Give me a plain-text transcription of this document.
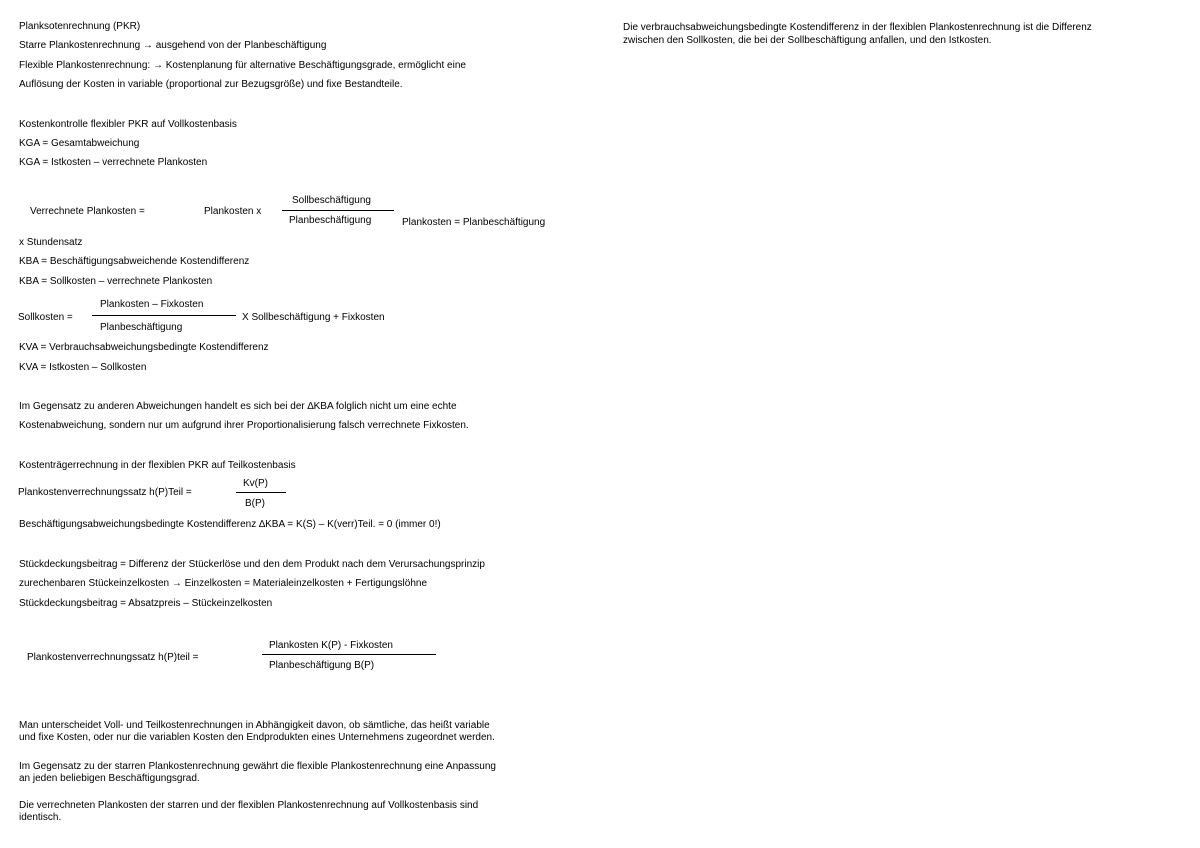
Planksotenrechnung (PKR)
Starre Plankostenrechnung → ausgehend von der Planbeschäftigung
Flexible Plankostenrechnung: → Kostenplanung für alternative Beschäftigungsgrade, ermöglicht eine
Auflösung der Kosten in variable (proportional zur Bezugsgröße) und fixe Bestandteile.
Kostenkontrolle flexibler PKR auf Vollkostenbasis
KGA = Gesamtabweichung
KGA = Istkosten – verrechnete Plankosten
Verrechnete Plankosten =	Plankosten x
Sollbeschäftigung
Planbeschäftigung	Plankosten = Planbeschäftigung
x Stundensatz
KBA = Beschäftigungsabweichende Kostendifferenz
KBA = Sollkosten – verrechnete Plankosten
Sollkosten =
Plankosten – Fixkosten
Planbeschäftigung
X Sollbeschäftigung + Fixkosten
KVA = Verbrauchsabweichungsbedingte Kostendifferenz
KVA = Istkosten – Sollkosten
Im Gegensatz zu anderen Abweichungen handelt es sich bei der ∆KBA folglich nicht um eine echte
Kostenabweichung, sondern nur um aufgrund ihrer Proportionalisierung falsch verrechnete Fixkosten.
Kostenträgerrechnung in der flexiblen PKR auf Teilkostenbasis
Plankostenverrechnungssatz h(P)Teil =
Kv(P)
B(P)
Beschäftigungsabweichungsbedingte Kostendifferenz ∆KBA = K(S) – K(verr)Teil. = 0 (immer 0!)
Stückdeckungsbeitrag = Differenz der Stückerlöse und den dem Produkt nach dem Verursachungsprinzip
zurechenbaren Stückeinzelkosten → Einzelkosten = Materialeinzelkosten + Fertigungslöhne
Stückdeckungsbeitrag = Absatzpreis – Stückeinzelkosten
Plankostenverrechnungssatz h(P)teil =
Plankosten K(P) - Fixkosten
Planbeschäftigung B(P)
Man unterscheidet Voll- und Teilkostenrechnungen in Abhängigkeit davon, ob sämtliche, das heißt variable
und fixe Kosten, oder nur die variablen Kosten den Endprodukten eines Unternehmens zugeordnet werden.
Im Gegensatz zu der starren Plankostenrechnung gewährt die flexible Plankostenrechnung eine Anpassung
an jeden beliebigen Beschäftigungsgrad.
Die verrechneten Plankosten der starren und der flexiblen Plankostenrechnung auf Vollkostenbasis sind
identisch.
Die verbrauchsabweichungsbedingte Kostendifferenz in der flexiblen Plankostenrechnung ist die Differenz
zwischen den Sollkosten, die bei der Sollbeschäftigung anfallen, und den Istkosten.
